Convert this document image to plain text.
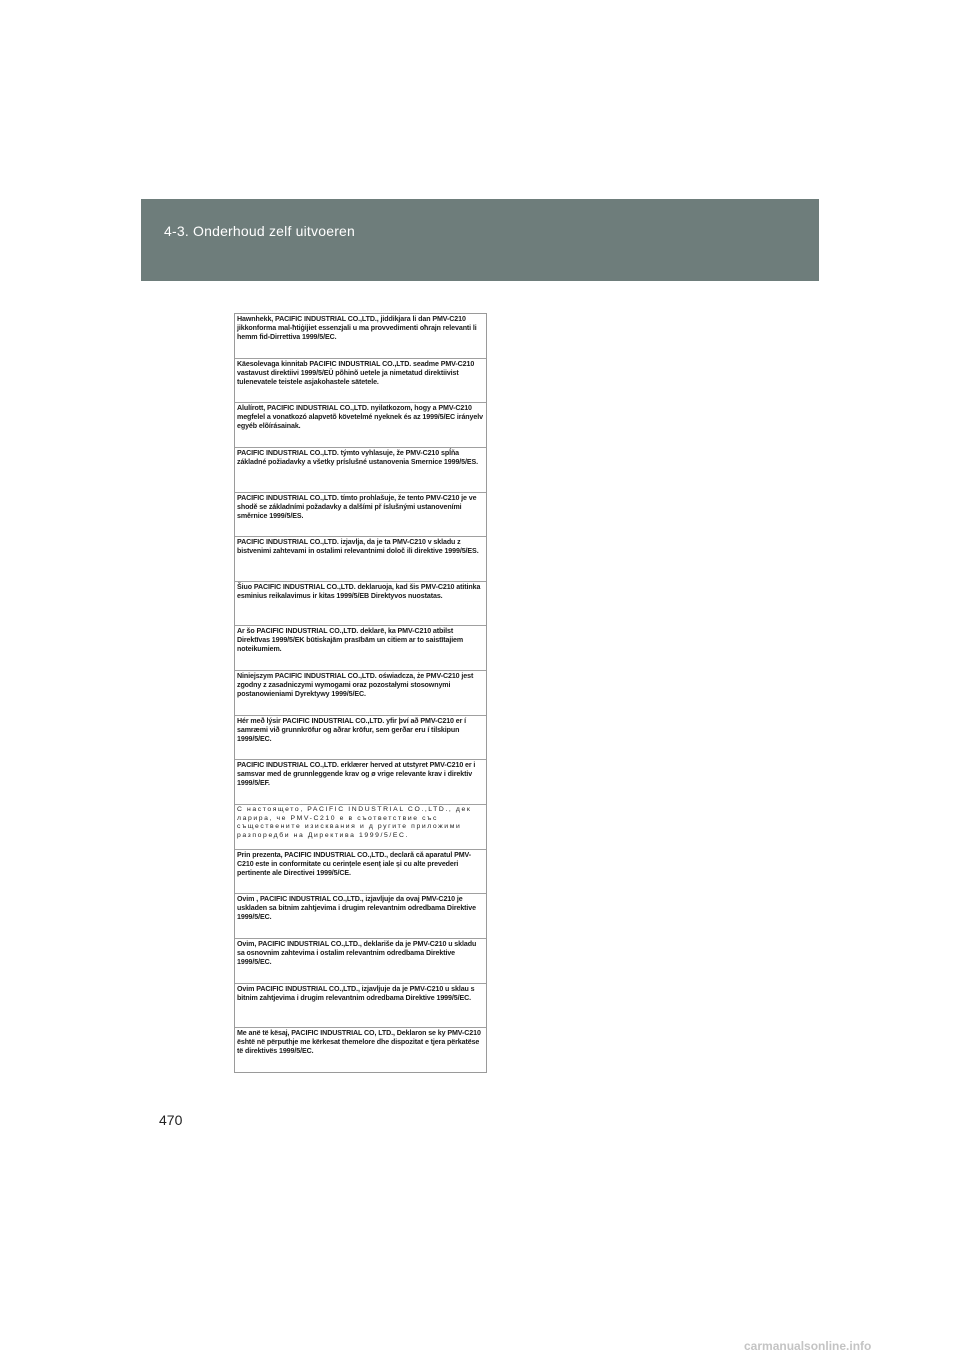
4-3. Onderhoud zelf uitvoeren
Hawnhekk, PACIFIC INDUSTRIAL CO.,LTD., jiddikjara li dan PMV-C210 jikkonforma mal-ħtiġijiet essenzjali u ma provvedimenti oħrajn relevanti li hemm fid-Dirrettiva 1999/5/EC.
Käesolevaga kinnitab PACIFIC INDUSTRIAL CO.,LTD. seadme PMV-C210 vastavust direktiivi 1999/5/EÜ põhinõ uetele ja nimetatud direktiivist tulenevatele teistele asjakohastele sätetele.
Alulírott, PACIFIC INDUSTRIAL CO.,LTD. nyilatkozom, hogy a PMV-C210 megfelel a vonatkozó alapvetõ követelmé nyeknek és az 1999/5/EC irányelv egyéb elõírásainak.
PACIFIC INDUSTRIAL CO.,LTD. týmto vyhlasuje, že PMV-C210 spĺňa základné požiadavky a všetky príslušné ustanovenia Smernice 1999/5/ES.
PACIFIC INDUSTRIAL CO.,LTD. tímto prohlašuje, že tento PMV-C210 je ve shodě se základními požadavky a dalšími př íslušnými ustanoveními směrnice 1999/5/ES.
PACIFIC INDUSTRIAL CO.,LTD. izjavlja, da je ta PMV-C210 v skladu z bistvenimi zahtevami in ostalimi relevantnimi določ ili direktive 1999/5/ES.
Šiuo PACIFIC INDUSTRIAL CO.,LTD. deklaruoja, kad šis PMV-C210 atitinka esminius reikalavimus ir kitas 1999/5/EB Direktyvos nuostatas.
Ar šo PACIFIC INDUSTRIAL CO.,LTD. deklarē, ka PMV-C210 atbilst Direktīvas 1999/5/EK būtiskajām prasībām un citiem ar to saistītajiem noteikumiem.
Niniejszym PACIFIC INDUSTRIAL CO.,LTD. oświadcza, że PMV-C210 jest zgodny z zasadniczymi wymogami oraz pozostałymi stosownymi postanowieniami Dyrektywy 1999/5/EC.
Hér með lýsir PACIFIC INDUSTRIAL CO.,LTD. yfir því að PMV-C210 er í samræmi við grunnkröfur og aðrar kröfur, sem gerðar eru í tilskipun 1999/5/EC.
PACIFIC INDUSTRIAL CO.,LTD. erklærer herved at utstyret PMV-C210 er i samsvar med de grunnleggende krav og ø vrige relevante krav i direktiv 1999/5/EF.
С настоящето, PACIFIC INDUSTRIAL CO.,LTD., дек ларира, че PMV-C210 е в съответствие със съществените изисквания и д ругите приложими разпоредби на Директива 1999/5/ЕС.
Prin prezenta, PACIFIC INDUSTRIAL CO.,LTD., declară că aparatul PMV-C210 este in conformitate cu cerințele esenț iale și cu alte prevederi pertinente ale Directivei 1999/5/CE.
Ovim , PACIFIC INDUSTRIAL CO.,LTD., izjavljuje da ovaj PMV-C210 je uskladen sa bitnim zahtjevima i drugim relevantnim odredbama Direktive 1999/5/EC.
Ovim, PACIFIC INDUSTRIAL CO.,LTD., deklariše da je PMV-C210 u skladu sa osnovnim zahtevima i ostalim relevantnim odredbama Direktive 1999/5/EC.
Ovim PACIFIC INDUSTRIAL CO.,LTD., izjavljuje da je PMV-C210 u sklau s bitnim zahtjevima i drugim relevantnim odredbama Direktive 1999/5/EC.
Me anë të kësaj, PACIFIC INDUSTRIAL CO, LTD., Deklaron se ky PMV-C210 është në përputhje me kërkesat themelore dhe dispozitat e tjera përkatëse të direktivës 1999/5/EC.
470
carmanualsonline.info
